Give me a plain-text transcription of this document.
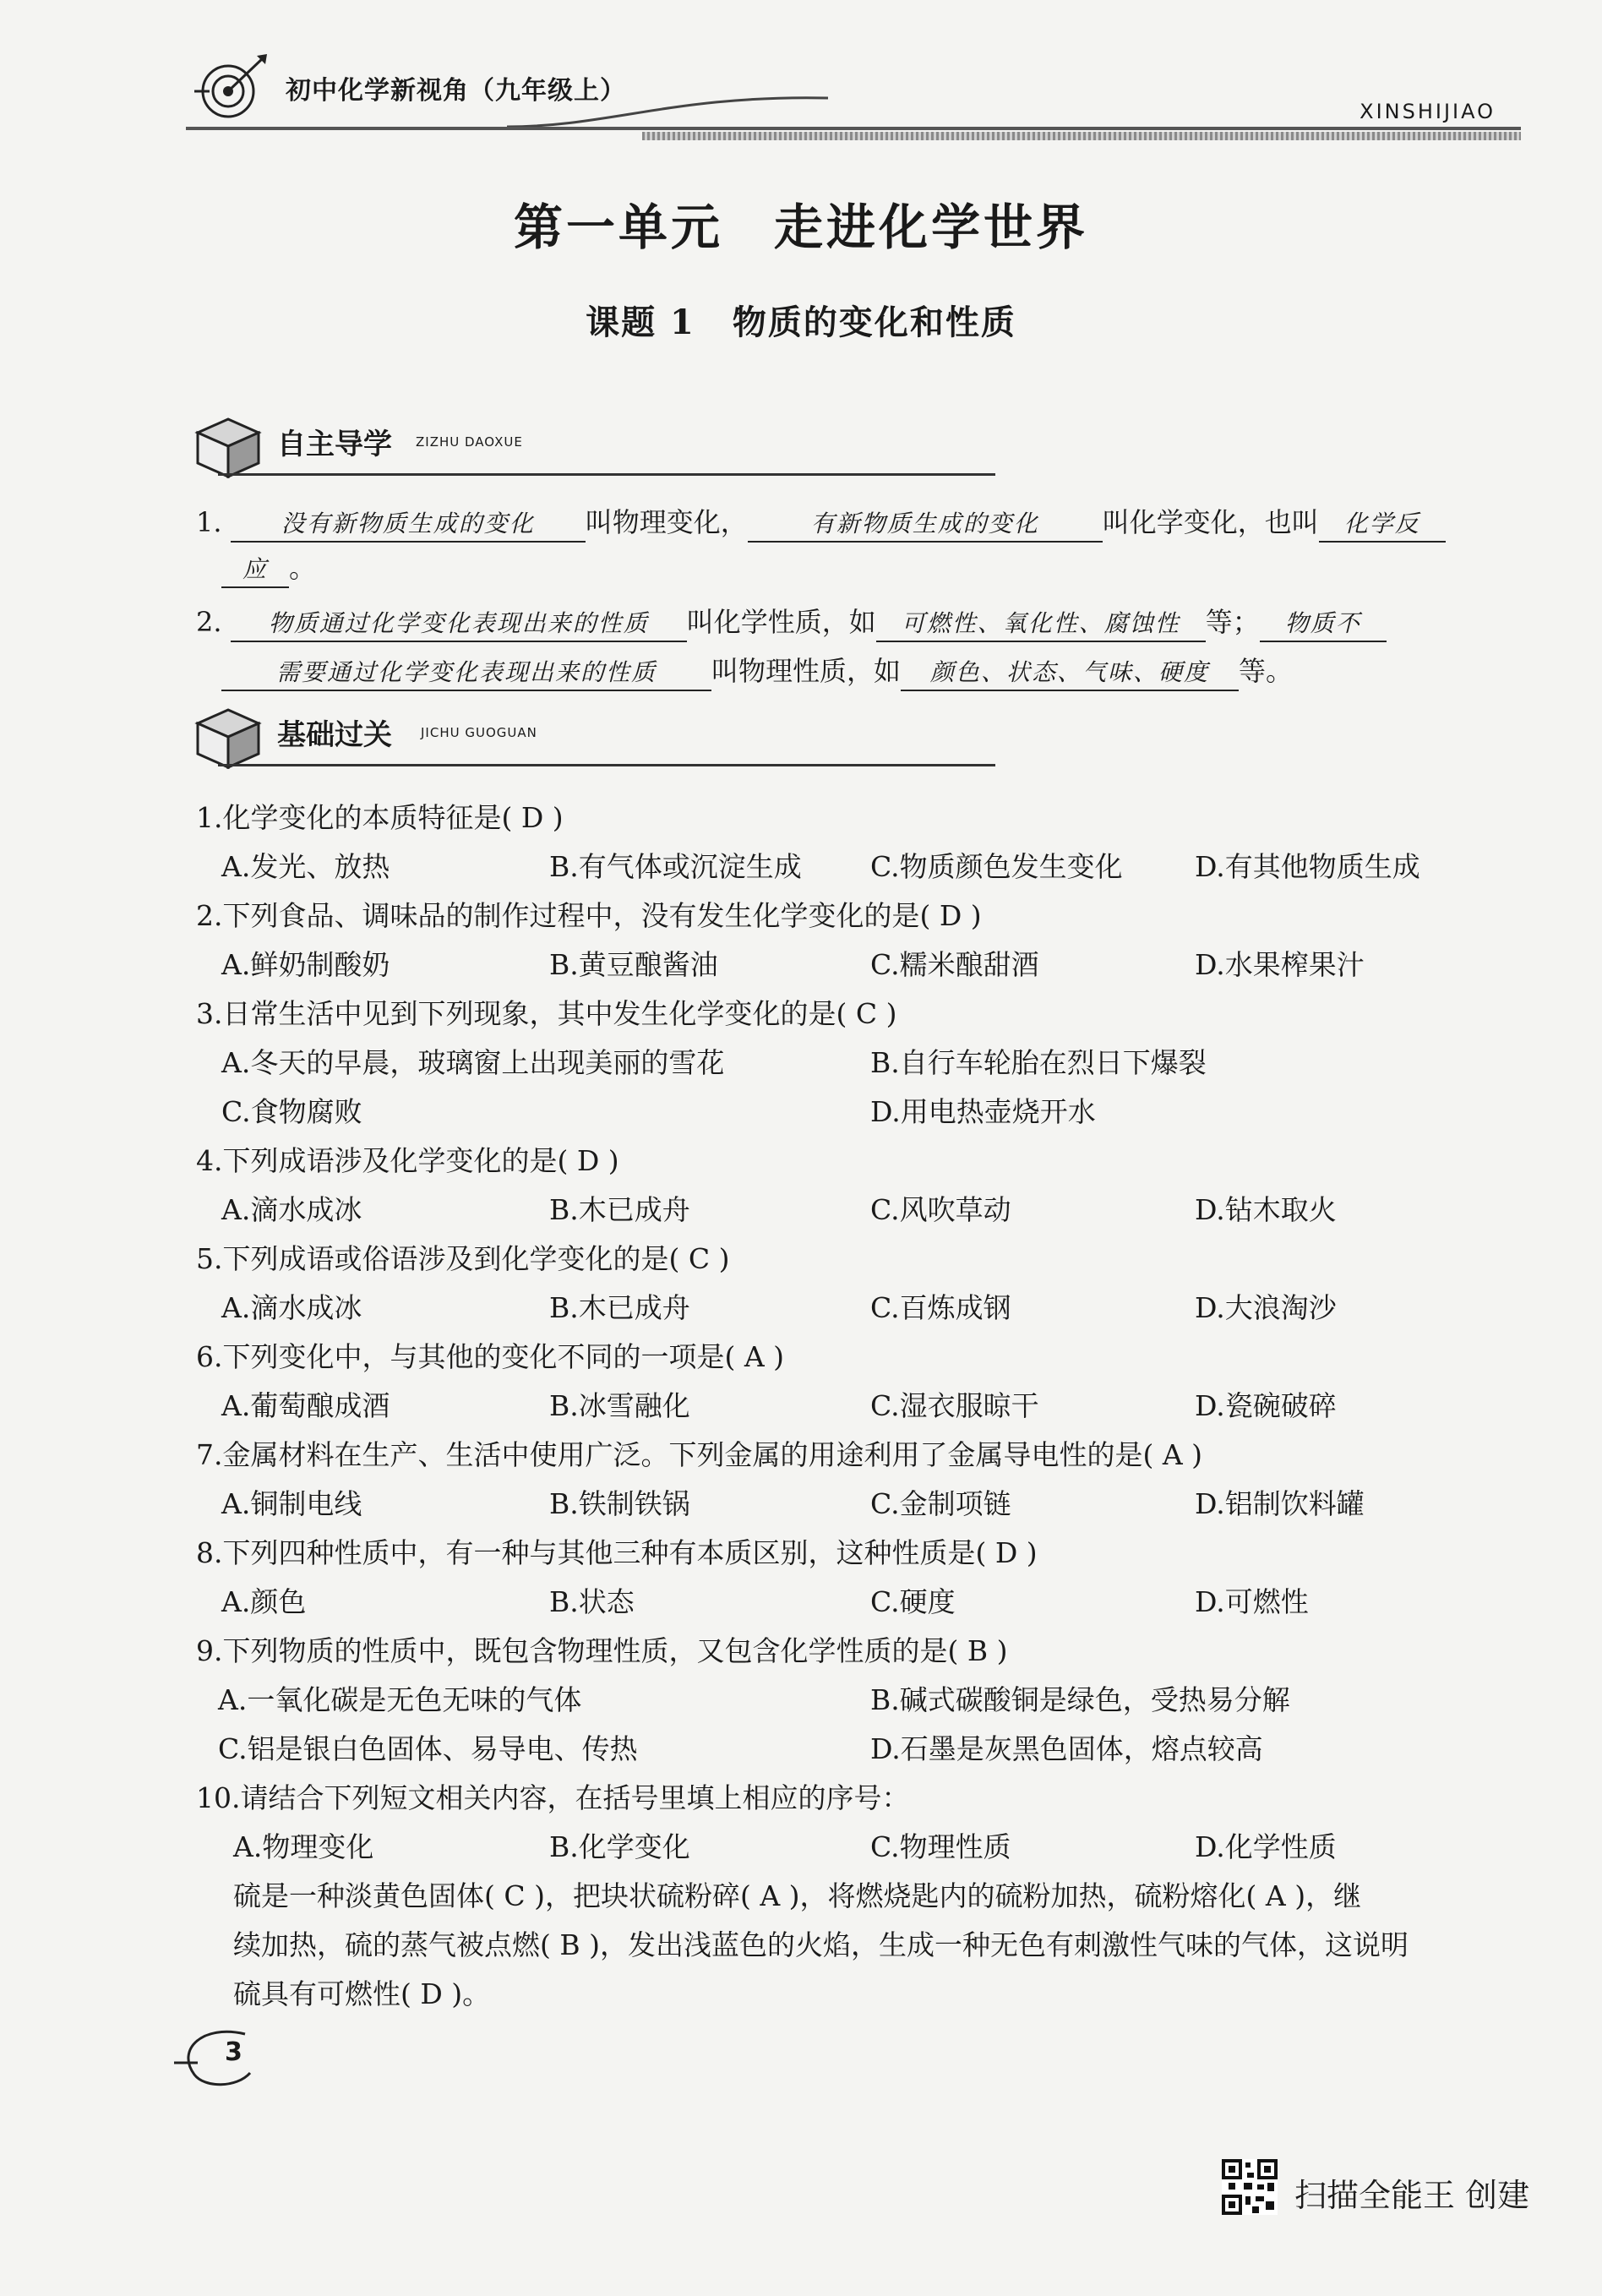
初中化学新视角（九年级上）
XINSHIJIAO
第一单元 走进化学世界
课题 1 物质的变化和性质
自主导学 ZIZHU DAOXUE
1.	没有新物质生成的变化 叫物理变化，	有新物质生成的变化 叫化学变化，也叫 化学反
应 。
2. 物质通过化学变化表现出来的性质 叫化学性质，如 可燃性、氧化性、腐蚀性 等； 物质不
需要通过化学变化表现出来的性质 叫物理性质，如 颜色、状态、气味、硬度 等。
基础过关 JICHU GUOGUAN
1.化学变化的本质特征是( D )
A.发光、放热	B.有气体或沉淀生成 C.物质颜色发生变化	D.有其他物质生成
2.下列食品、调味品的制作过程中，没有发生化学变化的是( D )
A.鲜奶制酸奶	B.黄豆酿酱油	C.糯米酿甜酒	D.水果榨果汁
3.日常生活中见到下列现象，其中发生化学变化的是( C )
A.冬天的早晨，玻璃窗上出现美丽的雪花	B.自行车轮胎在烈日下爆裂
C.食物腐败	D.用电热壶烧开水
4.下列成语涉及化学变化的是( D )
A.滴水成冰	B.木已成舟	C.风吹草动	D.钻木取火
5.下列成语或俗语涉及到化学变化的是( C )
A.滴水成冰	B.木已成舟	C.百炼成钢	D.大浪淘沙
6.下列变化中，与其他的变化不同的一项是( A )
A.葡萄酿成酒	B.冰雪融化	C.湿衣服晾干	D.瓷碗破碎
7.金属材料在生产、生活中使用广泛。下列金属的用途利用了金属导电性的是( A )
A.铜制电线	B.铁制铁锅	C.金制项链	D.铝制饮料罐
8.下列四种性质中，有一种与其他三种有本质区别，这种性质是( D )
A.颜色	B.状态	C.硬度	D.可燃性
9.下列物质的性质中，既包含物理性质，又包含化学性质的是( B )
A.一氧化碳是无色无味的气体	B.碱式碳酸铜是绿色，受热易分解
C.铝是银白色固体、易导电、传热	D.石墨是灰黑色固体，熔点较高
10.请结合下列短文相关内容，在括号里填上相应的序号：
A.物理变化	B.化学变化	C.物理性质	D.化学性质
硫是一种淡黄色固体( C )，把块状硫粉碎( A )，将燃烧匙内的硫粉加热，硫粉熔化( A )，继
续加热，硫的蒸气被点燃( B )，发出浅蓝色的火焰，生成一种无色有刺激性气味的气体，这说明
硫具有可燃性( D )。
3
扫描全能王 创建
